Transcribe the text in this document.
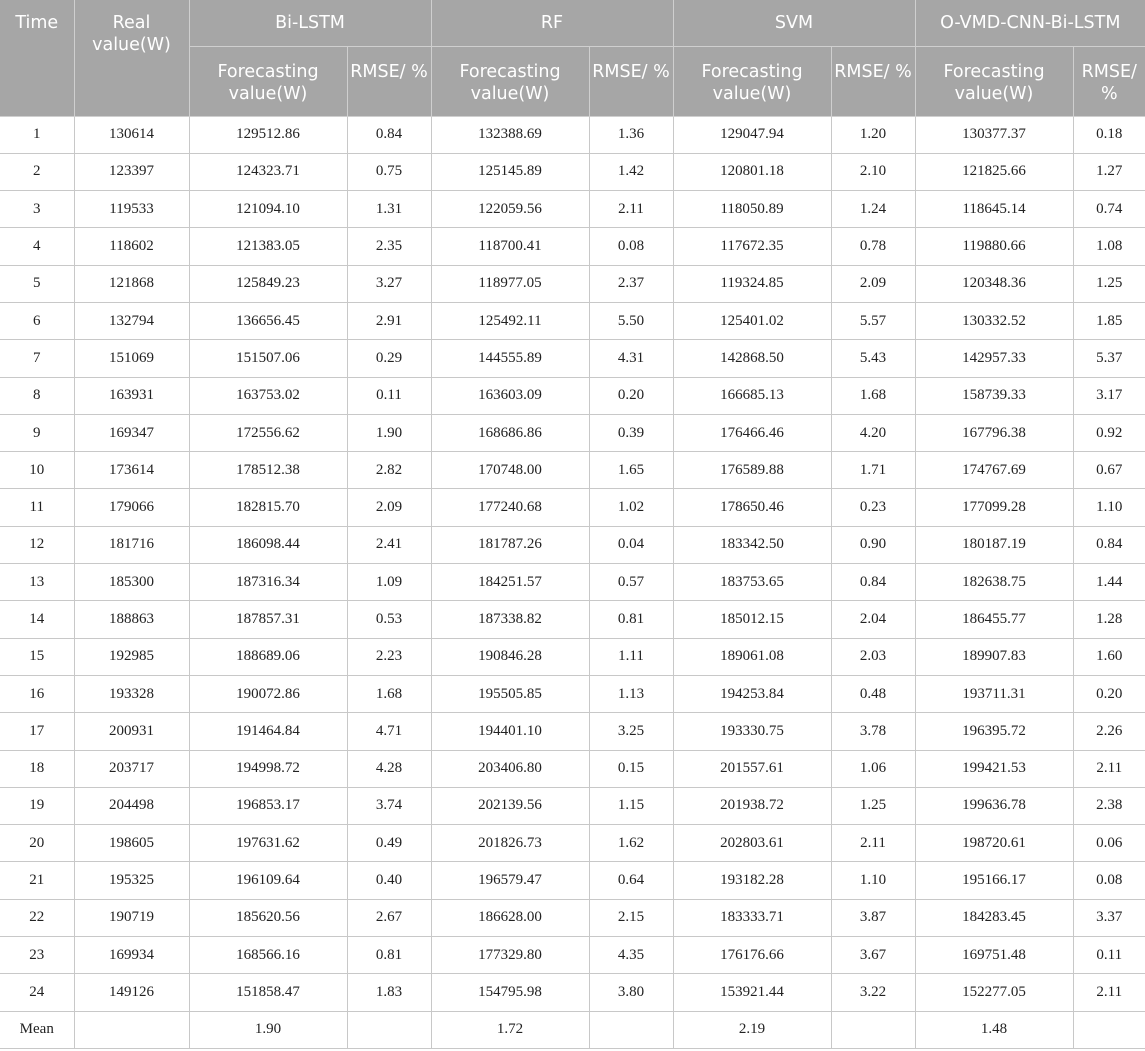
Time	Real value(W)	Bi-LSTM		RF		SVM		O-VMD-CNN-Bi-LSTM	
		Forecasting value(W)	RMSE/ %	Forecasting value(W)	RMSE/ %	Forecasting value(W)	RMSE/ %	Forecasting value(W)	RMSE/ %
1	130614	129512.86	0.84	132388.69	1.36	129047.94	1.20	130377.37	0.18
2	123397	124323.71	0.75	125145.89	1.42	120801.18	2.10	121825.66	1.27
3	119533	121094.10	1.31	122059.56	2.11	118050.89	1.24	118645.14	0.74
4	118602	121383.05	2.35	118700.41	0.08	117672.35	0.78	119880.66	1.08
5	121868	125849.23	3.27	118977.05	2.37	119324.85	2.09	120348.36	1.25
6	132794	136656.45	2.91	125492.11	5.50	125401.02	5.57	130332.52	1.85
7	151069	151507.06	0.29	144555.89	4.31	142868.50	5.43	142957.33	5.37
8	163931	163753.02	0.11	163603.09	0.20	166685.13	1.68	158739.33	3.17
9	169347	172556.62	1.90	168686.86	0.39	176466.46	4.20	167796.38	0.92
10	173614	178512.38	2.82	170748.00	1.65	176589.88	1.71	174767.69	0.67
11	179066	182815.70	2.09	177240.68	1.02	178650.46	0.23	177099.28	1.10
12	181716	186098.44	2.41	181787.26	0.04	183342.50	0.90	180187.19	0.84
13	185300	187316.34	1.09	184251.57	0.57	183753.65	0.84	182638.75	1.44
14	188863	187857.31	0.53	187338.82	0.81	185012.15	2.04	186455.77	1.28
15	192985	188689.06	2.23	190846.28	1.11	189061.08	2.03	189907.83	1.60
16	193328	190072.86	1.68	195505.85	1.13	194253.84	0.48	193711.31	0.20
17	200931	191464.84	4.71	194401.10	3.25	193330.75	3.78	196395.72	2.26
18	203717	194998.72	4.28	203406.80	0.15	201557.61	1.06	199421.53	2.11
19	204498	196853.17	3.74	202139.56	1.15	201938.72	1.25	199636.78	2.38
20	198605	197631.62	0.49	201826.73	1.62	202803.61	2.11	198720.61	0.06
21	195325	196109.64	0.40	196579.47	0.64	193182.28	1.10	195166.17	0.08
22	190719	185620.56	2.67	186628.00	2.15	183333.71	3.87	184283.45	3.37
23	169934	168566.16	0.81	177329.80	4.35	176176.66	3.67	169751.48	0.11
24	149126	151858.47	1.83	154795.98	3.80	153921.44	3.22	152277.05	2.11
Mean		1.90		1.72		2.19		1.48	
